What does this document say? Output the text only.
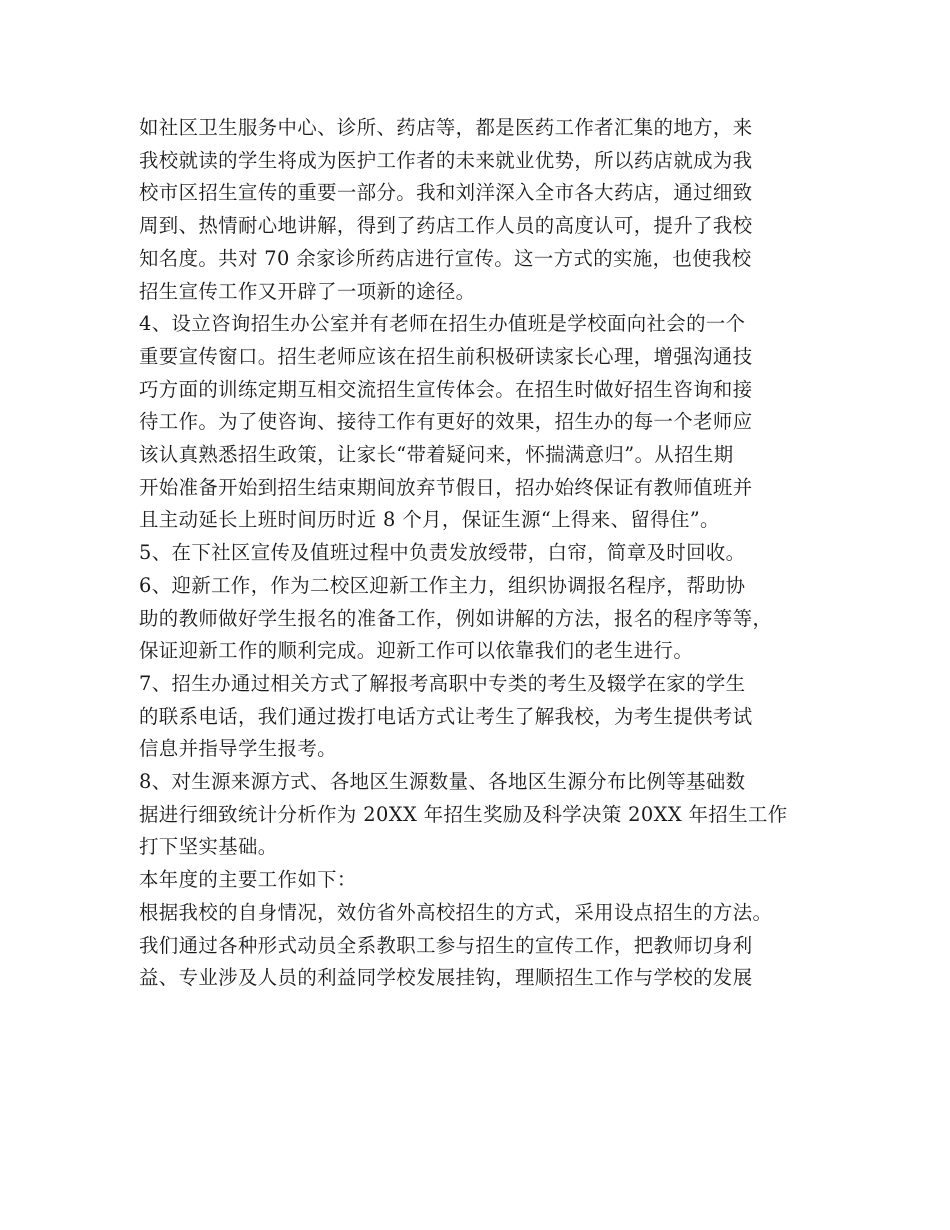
如社区卫生服务中心、诊所、药店等，都是医药工作者汇集的地方，来
我校就读的学生将成为医护工作者的未来就业优势，所以药店就成为我
校市区招生宣传的重要一部分。我和刘洋深入全市各大药店，通过细致
周到、热情耐心地讲解，得到了药店工作人员的高度认可，提升了我校
知名度。共对 70 余家诊所药店进行宣传。这一方式的实施，也使我校
招生宣传工作又开辟了一项新的途径。
4、设立咨询招生办公室并有老师在招生办值班是学校面向社会的一个
重要宣传窗口。招生老师应该在招生前积极研读家长心理，增强沟通技
巧方面的训练定期互相交流招生宣传体会。在招生时做好招生咨询和接
待工作。为了使咨询、接待工作有更好的效果，招生办的每一个老师应
该认真熟悉招生政策，让家长“带着疑问来，怀揣满意归”。从招生期
开始准备开始到招生结束期间放弃节假日，招办始终保证有教师值班并
且主动延长上班时间历时近 8 个月，保证生源“上得来、留得住”。
5、在下社区宣传及值班过程中负责发放绶带，白帘，简章及时回收。
6、迎新工作，作为二校区迎新工作主力，组织协调报名程序，帮助协
助的教师做好学生报名的准备工作，例如讲解的方法，报名的程序等等，
保证迎新工作的顺利完成。迎新工作可以依靠我们的老生进行。
7、招生办通过相关方式了解报考高职中专类的考生及辍学在家的学生
的联系电话，我们通过拨打电话方式让考生了解我校，为考生提供考试
信息并指导学生报考。
8、对生源来源方式、各地区生源数量、各地区生源分布比例等基础数
据进行细致统计分析作为 20XX 年招生奖励及科学决策 20XX 年招生工作
打下坚实基础。
本年度的主要工作如下：
根据我校的自身情况，效仿省外高校招生的方式，采用设点招生的方法。
我们通过各种形式动员全系教职工参与招生的宣传工作，把教师切身利
益、专业涉及人员的利益同学校发展挂钩，理顺招生工作与学校的发展
